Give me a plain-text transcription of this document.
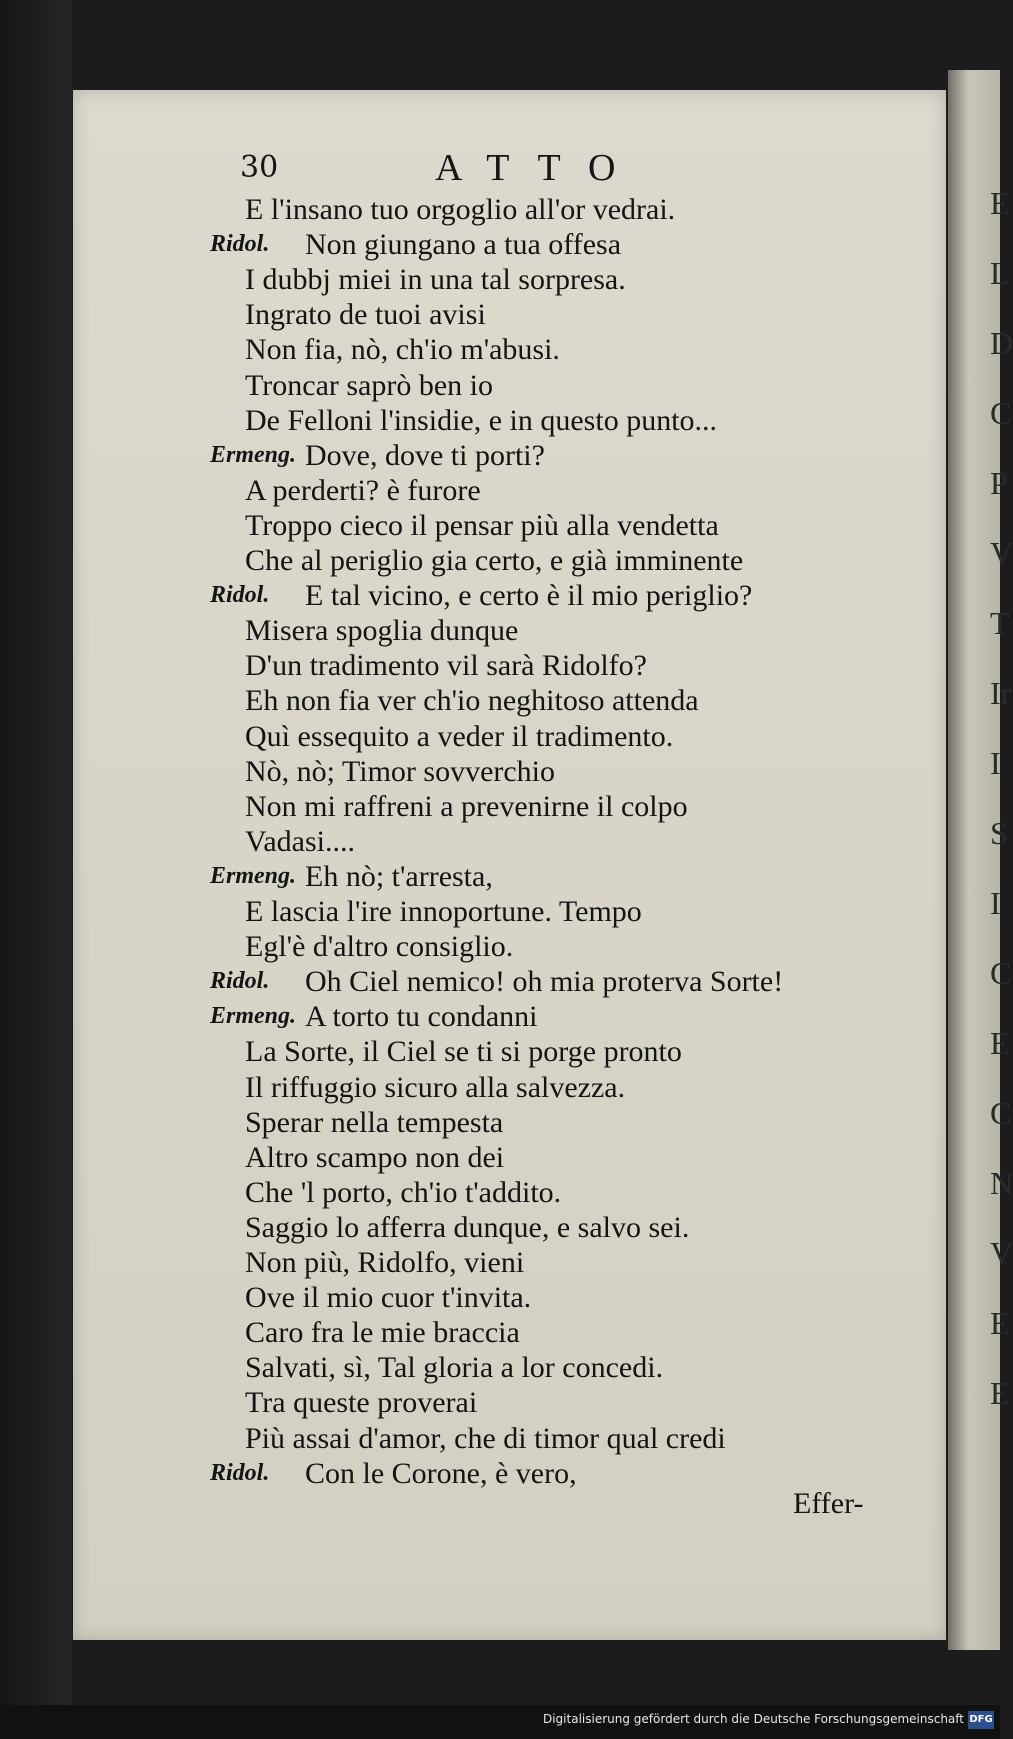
E
L
D
C
P
V
T
Ir
I
S
I
C
E
C
N
V
E
E
30	ATTO
E l'insano tuo orgoglio all'or vedrai.
Ridol. Non giungano a tua offesa
I dubbj miei in una tal sorpresa.
Ingrato de tuoi avisi
Non fia, nò, ch'io m'abusi.
Troncar saprò ben io
De Felloni l'insidie, e in questo punto...
Ermeng. Dove, dove ti porti?
A perderti? è furore
Troppo cieco il pensar più alla vendetta
Che al periglio gia certo, e già imminente
Ridol. E tal vicino, e certo è il mio periglio?
Misera spoglia dunque
D'un tradimento vil sarà Ridolfo?
Eh non fia ver ch'io neghitoso attenda
Quì essequito a veder il tradimento.
Nò, nò; Timor sovverchio
Non mi raffreni a prevenirne il colpo
Vadasi....
Ermeng. Eh nò; t'arresta,
E lascia l'ire innoportune. Tempo
Egl'è d'altro consiglio.
Ridol. Oh Ciel nemico! oh mia proterva Sorte!
Ermeng. A torto tu condanni
La Sorte, il Ciel se ti si porge pronto
Il riffuggio sicuro alla salvezza.
Sperar nella tempesta
Altro scampo non dei
Che 'l porto, ch'io t'addito.
Saggio lo afferra dunque, e salvo sei.
Non più, Ridolfo, vieni
Ove il mio cuor t'invita.
Caro fra le mie braccia
Salvati, sì, Tal gloria a lor concedi.
Tra queste proverai
Più assai d'amor, che di timor qual credi
Ridol. Con le Corone, è vero,
Effer-
Digitalisierung gefördert durch die Deutsche Forschungsgemeinschaft DFG
